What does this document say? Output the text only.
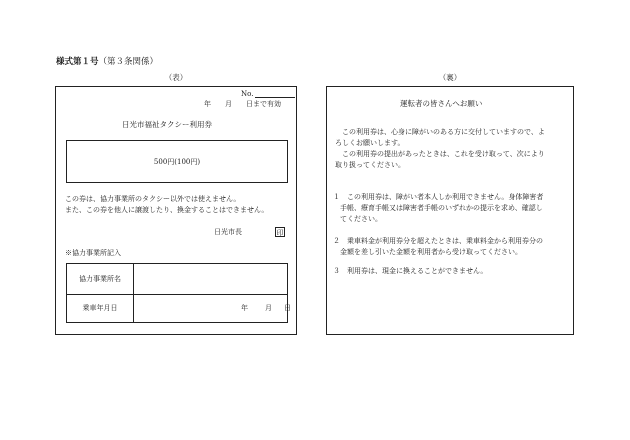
様式第１号（第３条関係）
（表）	（裏）
No.
年　　月　　日まで有効
日光市福祉タクシー利用券
500円(100円)
この券は、協力事業所のタクシー以外では使えません。
また、この券を他人に譲渡したり、換金することはできません。
日光市長	印
※協力事業所記入
協力事業所名
乗車年月日	年 月 日
運転者の皆さんへお願い
　この利用券は、心身に障がいのある方に交付していますので、よ
ろしくお願いします。
　この利用券の提出があったときは、これを受け取って、次により
取り扱ってください。
１　この利用券は、障がい者本人しか利用できません。身体障害者
　手帳、療育手帳又は障害者手帳のいずれかの提示を求め、確認し
　てください。
２　乗車料金が利用券分を超えたときは、乗車料金から利用券分の
　金額を差し引いた金額を利用者から受け取ってください。
３　利用券は、現金に換えることができません。
